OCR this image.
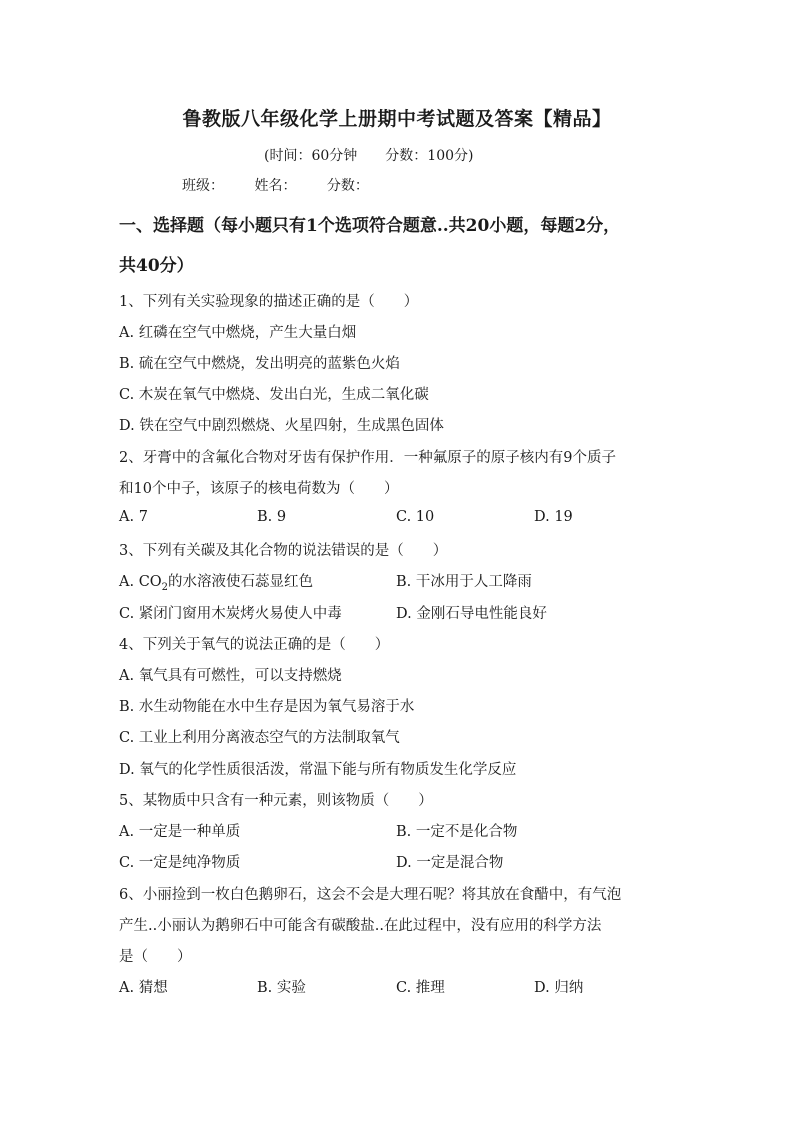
鲁教版八年级化学上册期中考试题及答案【精品】
(时间：60分钟 分数：100分)
班级： 姓名： 分数：
一、选择题（每小题只有1个选项符合题意..共20小题，每题2分，
共40分）
1、下列有关实验现象的描述正确的是（　　）
A. 红磷在空气中燃烧，产生大量白烟
B. 硫在空气中燃烧，发出明亮的蓝紫色火焰
C. 木炭在氧气中燃烧、发出白光，生成二氧化碳
D. 铁在空气中剧烈燃烧、火星四射，生成黑色固体
2、牙膏中的含氟化合物对牙齿有保护作用．一种氟原子的原子核内有9个质子
和10个中子，该原子的核电荷数为（　　）
A. 7	B. 9	C. 10	D. 19
3、下列有关碳及其化合物的说法错误的是（　　）
A. $CO_2$的水溶液使石蕊显红色	B. 干冰用于人工降雨
C. 紧闭门窗用木炭烤火易使人中毒	D. 金刚石导电性能良好
4、下列关于氧气的说法正确的是（　　）
A. 氧气具有可燃性，可以支持燃烧
B. 水生动物能在水中生存是因为氧气易溶于水
C. 工业上利用分离液态空气的方法制取氧气
D. 氧气的化学性质很活泼，常温下能与所有物质发生化学反应
5、某物质中只含有一种元素，则该物质（　　）
A. 一定是一种单质	B. 一定不是化合物
C. 一定是纯净物质	D. 一定是混合物
6、小丽捡到一枚白色鹅卵石，这会不会是大理石呢？将其放在食醋中，有气泡
产生..小丽认为鹅卵石中可能含有碳酸盐..在此过程中，没有应用的科学方法
是（　　）
A. 猜想	B. 实验	C. 推理	D. 归纳
